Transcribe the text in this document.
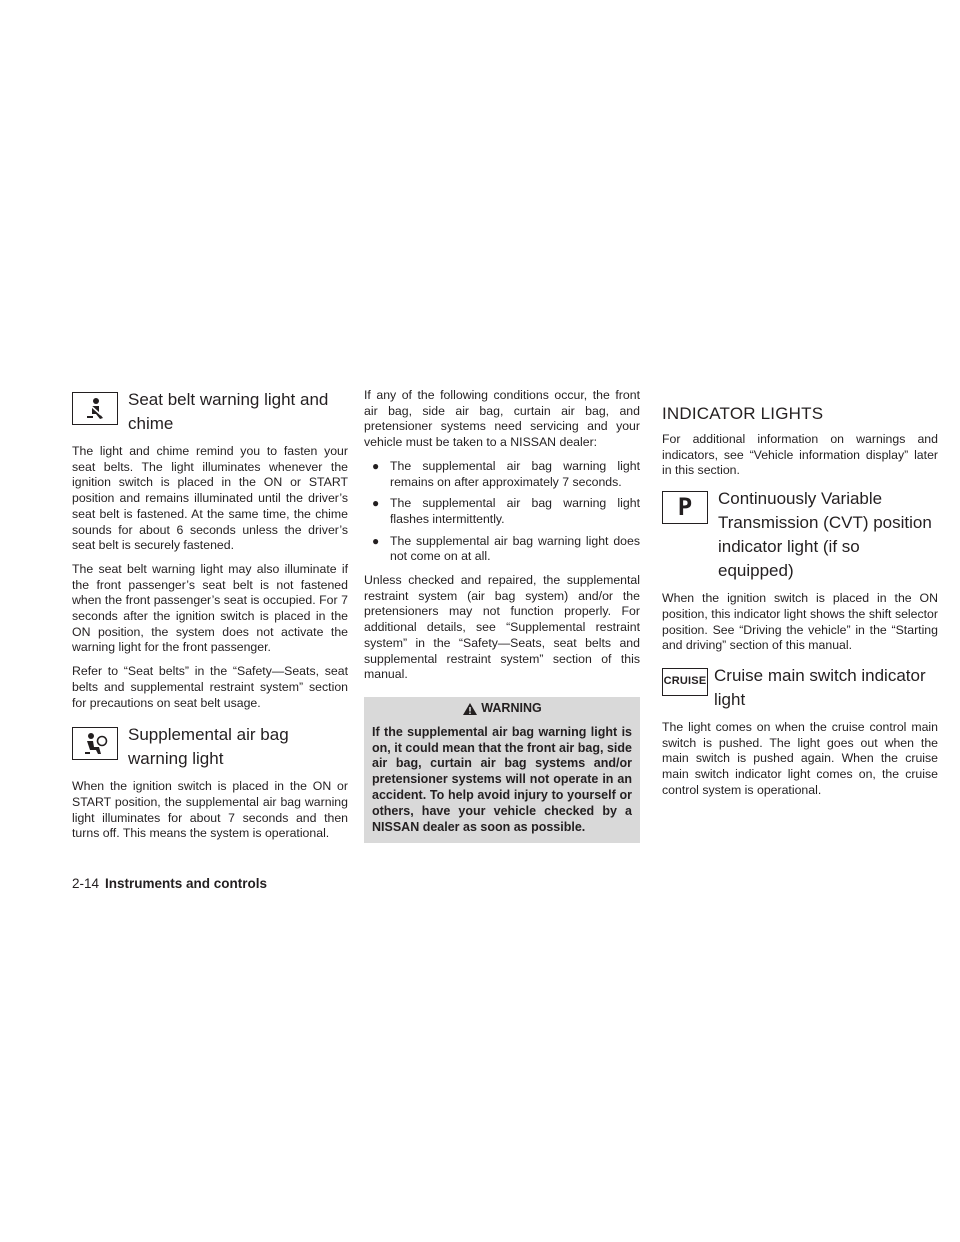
Seat belt warning light and chime

The light and chime remind you to fasten your seat belts. The light illuminates whenever the ignition switch is placed in the ON or START position and remains illuminated until the driver’s seat belt is fastened. At the same time, the chime sounds for about 6 seconds unless the driver’s seat belt is securely fastened.

The seat belt warning light may also illuminate if the front passenger’s seat belt is not fastened when the front passenger’s seat is occupied. For 7 seconds after the ignition switch is placed in the ON position, the system does not activate the warning light for the front passenger.

Refer to “Seat belts” in the “Safety—Seats, seat belts and supplemental restraint system” section for precautions on seat belt usage.

Supplemental air bag warning light

When the ignition switch is placed in the ON or START position, the supplemental air bag warning light illuminates for about 7 seconds and then turns off. This means the system is operational.

If any of the following conditions occur, the front air bag, side air bag, curtain air bag, and pretensioner systems need servicing and your vehicle must be taken to a NISSAN dealer:

● The supplemental air bag warning light remains on after approximately 7 seconds.
● The supplemental air bag warning light flashes intermittently.
● The supplemental air bag warning light does not come on at all.

Unless checked and repaired, the supplemental restraint system (air bag system) and/or the pretensioners may not function properly. For additional details, see “Supplemental restraint system” in the “Safety—Seats, seat belts and supplemental restraint system” section of this manual.

WARNING
If the supplemental air bag warning light is on, it could mean that the front air bag, side air bag, curtain air bag systems and/or pretensioner systems will not operate in an accident. To help avoid injury to yourself or others, have your vehicle checked by a NISSAN dealer as soon as possible.
INDICATOR LIGHTS

For additional information on warnings and indicators, see “Vehicle information display” later in this section.

P Continuously Variable Transmission (CVT) position indicator light (if so equipped)

When the ignition switch is placed in the ON position, this indicator light shows the shift selector position. See “Driving the vehicle” in the “Starting and driving” section of this manual.

CRUISE Cruise main switch indicator light

The light comes on when the cruise control main switch is pushed. The light goes out when the main switch is pushed again. When the cruise main switch indicator light comes on, the cruise control system is operational.

2-14 Instruments and controls
